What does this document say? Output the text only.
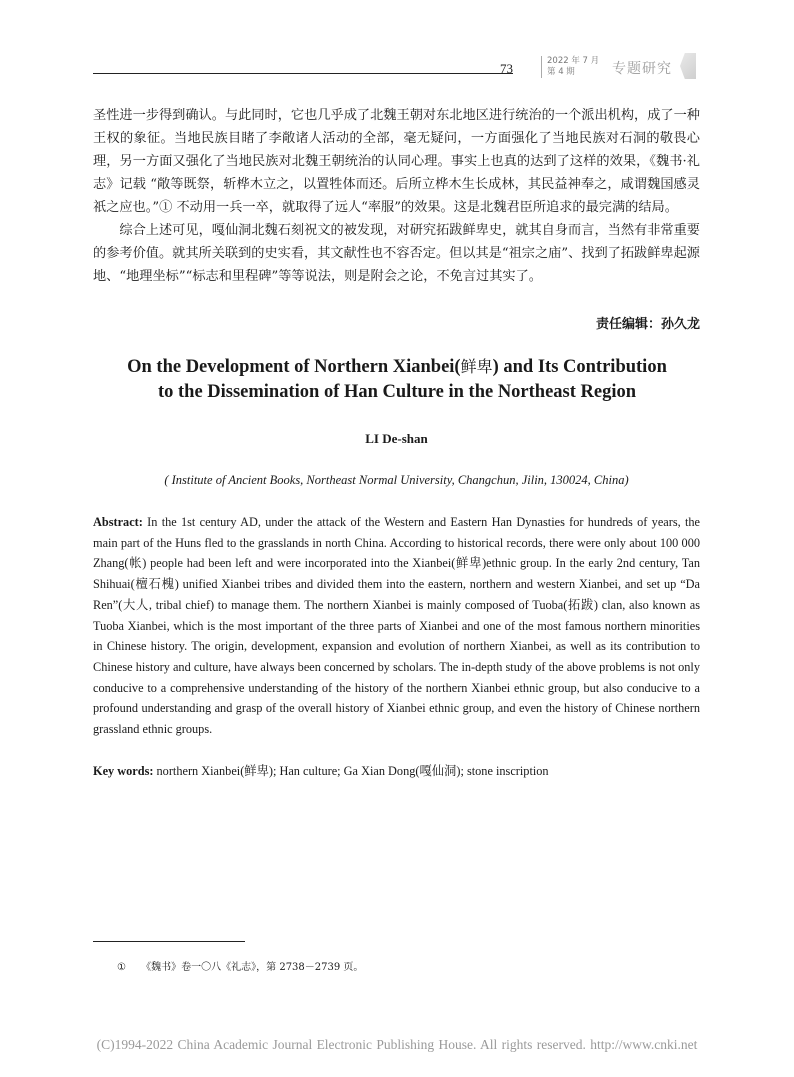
73	2022 年 7 月
第 4 期	专题研究

圣性进一步得到确认。与此同时，它也几乎成了北魏王朝对东北地区进行统治的一个派出机构，成了一种王权的象征。当地民族目睹了李敞诸人活动的全部，毫无疑问，一方面强化了当地民族对石洞的敬畏心理，另一方面又强化了当地民族对北魏王朝统治的认同心理。事实上也真的达到了这样的效果，《魏书·礼志》记载 “敞等既祭，斩桦木立之，以置牲体而还。后所立桦木生长成林，其民益神奉之，咸谓魏国感灵祇之应也。”① 不动用一兵一卒，就取得了远人“率服”的效果。这是北魏君臣所追求的最完满的结局。

综合上述可见，嘎仙洞北魏石刻祝文的被发现，对研究拓跋鲜卑史，就其自身而言，当然有非常重要的参考价值。就其所关联到的史实看，其文献性也不容否定。但以其是“祖宗之庙”、找到了拓跋鲜卑起源地、“地理坐标”“标志和里程碑”等等说法，则是附会之论，不免言过其实了。

责任编辑：孙久龙
On the Development of Northern Xianbei(鲜卑) and Its Contribution
to the Dissemination of Han Culture in the Northeast Region
LI De-shan
( Institute of Ancient Books, Northeast Normal University, Changchun, Jilin, 130024, China)
Abstract: In the 1st century AD, under the attack of the Western and Eastern Han Dynasties for hundreds of years, the main part of the Huns fled to the grasslands in north China. According to historical records, there were only about 100 000 Zhang(帐) people had been left and were incorporated into the Xianbei(鲜卑)ethnic group. In the early 2nd century, Tan Shihuai(檀石槐) unified Xianbei tribes and divided them into the eastern, northern and western Xianbei, and set up “Da Ren”(大人, tribal chief) to manage them. The northern Xianbei is mainly composed of Tuoba(拓跋) clan, also known as Tuoba Xianbei, which is the most important of the three parts of Xianbei and one of the most famous northern minorities in Chinese history. The origin, development, expansion and evolution of northern Xianbei, as well as its contribution to Chinese history and culture, have always been concerned by scholars. The in-depth study of the above problems is not only conducive to a comprehensive understanding of the history of the northern Xianbei ethnic group, but also conducive to a profound understanding and grasp of the overall history of Xianbei ethnic group, and even the history of Chinese northern grassland ethnic groups.
Key words: northern Xianbei(鲜卑); Han culture; Ga Xian Dong(嘎仙洞); stone inscription
① 《魏书》卷一〇八《礼志》，第 2738－2739 页。
(C)1994-2022 China Academic Journal Electronic Publishing House. All rights reserved. http://www.cnki.net
